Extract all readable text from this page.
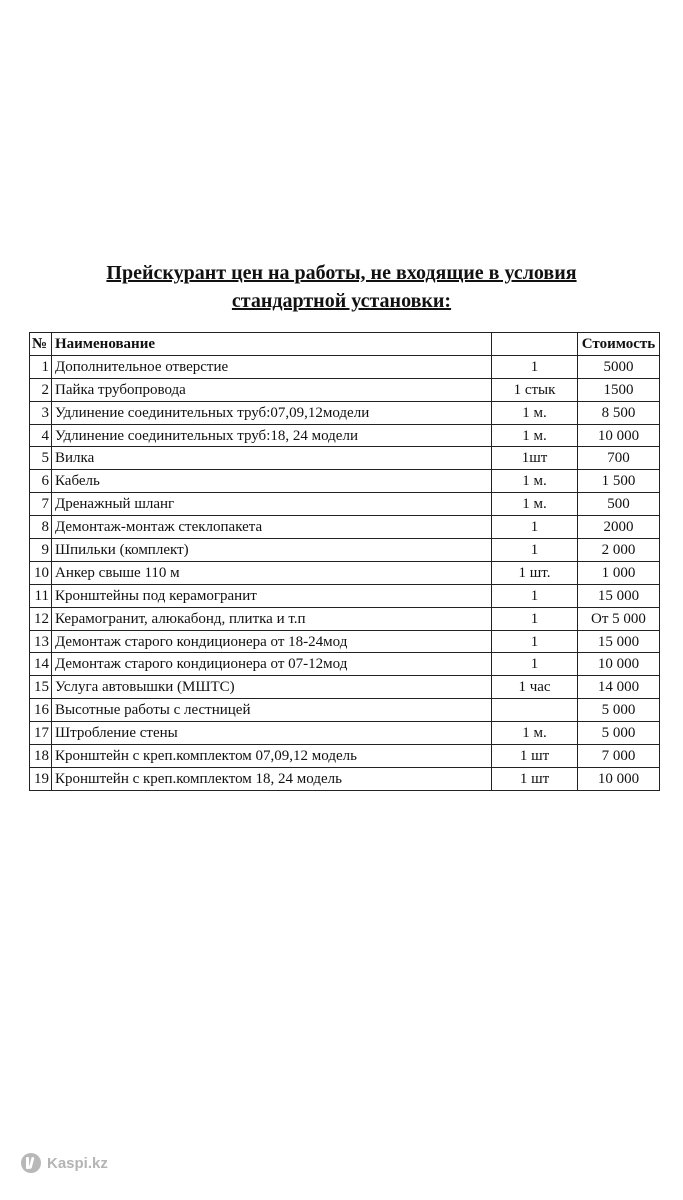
Прейскурант цен на работы, не входящие в условия
стандартной установки:
№	Наименование		Стоимость
1	Дополнительное отверстие	1	5000
2	Пайка трубопровода	1 стык	1500
3	Удлинение соединительных труб:07,09,12модели	1 м.	8 500
4	Удлинение соединительных труб:18, 24 модели	1 м.	10 000
5	Вилка	1шт	700
6	Кабель	1 м.	1 500
7	Дренажный шланг	1 м.	500
8	Демонтаж-монтаж стеклопакета	1	2000
9	Шпильки (комплект)	1	2 000
10	Анкер свыше 110 м	1 шт.	1 000
11	Кронштейны под керамогранит	1	15 000
12	Керамогранит, алюкабонд, плитка и т.п	1	От 5 000
13	Демонтаж старого кондиционера от 18-24мод	1	15 000
14	Демонтаж старого кондиционера от 07-12мод	1	10 000
15	Услуга автовышки (МШТС)	1 час	14 000
16	Высотные работы с лестницей		5 000
17	Штробление стены	1 м.	5 000
18	Кронштейн с креп.комплектом 07,09,12 модель	1 шт	7 000
19	Кронштейн с креп.комплектом 18, 24 модель	1 шт	10 000
Kaspi.kz
